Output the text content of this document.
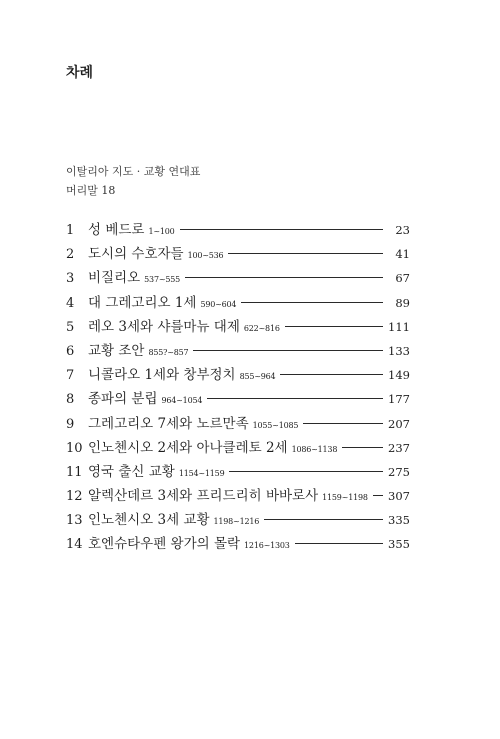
차례
이탈리아 지도 · 교황 연대표
머리말 18
1	성 베드로 1~100	23
2	도시의 수호자들 100~536	41
3	비질리오 537~555	67
4	대 그레고리오 1세 590~604	89
5	레오 3세와 샤를마뉴 대제 622~816	111
6	교황 조안 855?~857	133
7	니콜라오 1세와 창부정치 855~964	149
8	종파의 분립 964~1054	177
9	그레고리오 7세와 노르만족 1055~1085	207
10 인노첸시오 2세와 아나클레토 2세 1086~1138	237
11 영국 출신 교황 1154~1159	275
12 알렉산데르 3세와 프리드리히 바바로사 1159~1198 307
13 인노첸시오 3세 교황 1198~1216	335
14 호엔슈타우펜 왕가의 몰락 1216~1303	355
